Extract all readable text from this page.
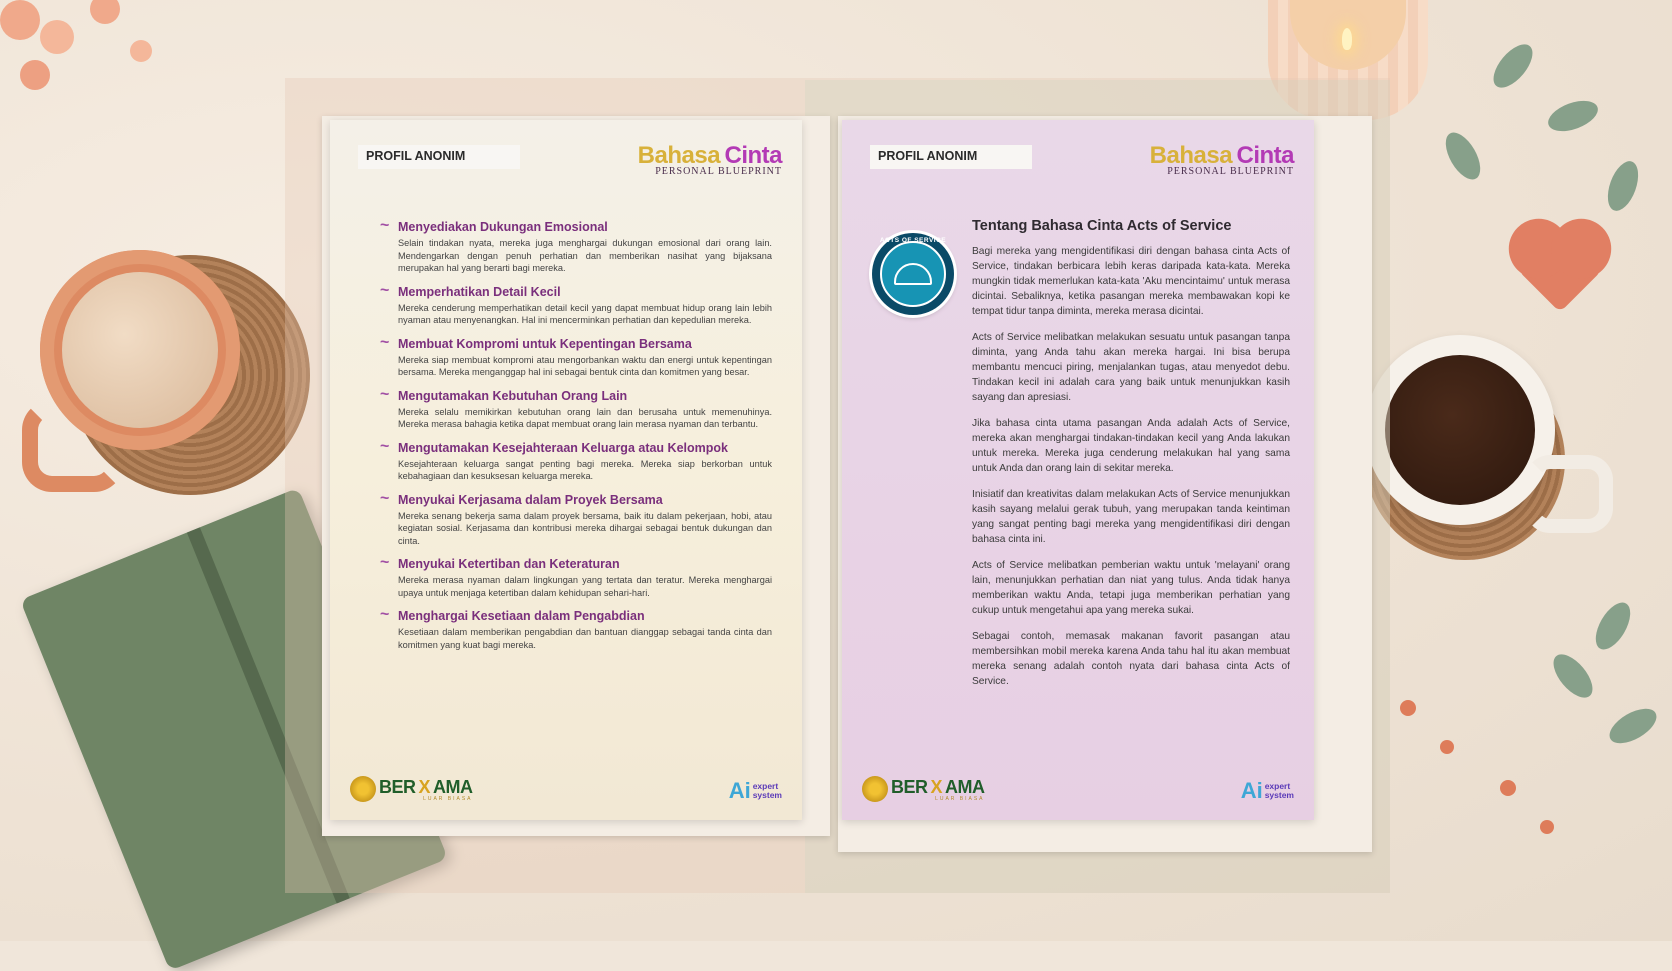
PROFIL ANONIM	Bahasa Cinta
PERSONAL BLUEPRINT
~ Menyediakan Dukungan Emosional
Selain tindakan nyata, mereka juga menghargai dukungan emosional dari orang lain. Mendengarkan dengan penuh perhatian dan memberikan nasihat yang bijaksana merupakan hal yang berarti bagi mereka.
~ Memperhatikan Detail Kecil
Mereka cenderung memperhatikan detail kecil yang dapat membuat hidup orang lain lebih nyaman atau menyenangkan. Hal ini mencerminkan perhatian dan kepedulian mereka.
~ Membuat Kompromi untuk Kepentingan Bersama
Mereka siap membuat kompromi atau mengorbankan waktu dan energi untuk kepentingan bersama. Mereka menganggap hal ini sebagai bentuk cinta dan komitmen yang besar.
~ Mengutamakan Kebutuhan Orang Lain
Mereka selalu memikirkan kebutuhan orang lain dan berusaha untuk memenuhinya. Mereka merasa bahagia ketika dapat membuat orang lain merasa nyaman dan terbantu.
~ Mengutamakan Kesejahteraan Keluarga atau Kelompok
Kesejahteraan keluarga sangat penting bagi mereka. Mereka siap berkorban untuk kebahagiaan dan kesuksesan keluarga mereka.
~ Menyukai Kerjasama dalam Proyek Bersama
Mereka senang bekerja sama dalam proyek bersama, baik itu dalam pekerjaan, hobi, atau kegiatan sosial. Kerjasama dan kontribusi mereka dihargai sebagai bentuk dukungan dan cinta.
~ Menyukai Ketertiban dan Keteraturan
Mereka merasa nyaman dalam lingkungan yang tertata dan teratur. Mereka menghargai upaya untuk menjaga ketertiban dalam kehidupan sehari-hari.
~ Menghargai Kesetiaan dalam Pengabdian
Kesetiaan dalam memberikan pengabdian dan bantuan dianggap sebagai tanda cinta dan komitmen yang kuat bagi mereka.
BER X AMA
LUAR BIASA	Ai expert
system
PROFIL ANONIM	Bahasa Cinta
PERSONAL BLUEPRINT
ACTS OF SERVICE
Tentang Bahasa Cinta Acts of Service

Bagi mereka yang mengidentifikasi diri dengan bahasa cinta Acts of Service, tindakan berbicara lebih keras daripada kata-kata. Mereka mungkin tidak memerlukan kata-kata 'Aku mencintaimu' untuk merasa dicintai. Sebaliknya, ketika pasangan mereka membawakan kopi ke tempat tidur tanpa diminta, mereka merasa dicintai.

Acts of Service melibatkan melakukan sesuatu untuk pasangan tanpa diminta, yang Anda tahu akan mereka hargai. Ini bisa berupa membantu mencuci piring, menjalankan tugas, atau menyedot debu. Tindakan kecil ini adalah cara yang baik untuk menunjukkan kasih sayang dan apresiasi.

Jika bahasa cinta utama pasangan Anda adalah Acts of Service, mereka akan menghargai tindakan-tindakan kecil yang Anda lakukan untuk mereka. Mereka juga cenderung melakukan hal yang sama untuk Anda dan orang lain di sekitar mereka.

Inisiatif dan kreativitas dalam melakukan Acts of Service menunjukkan kasih sayang melalui gerak tubuh, yang merupakan tanda keintiman yang sangat penting bagi mereka yang mengidentifikasi diri dengan bahasa cinta ini.

Acts of Service melibatkan pemberian waktu untuk 'melayani' orang lain, menunjukkan perhatian dan niat yang tulus. Anda tidak hanya memberikan waktu Anda, tetapi juga memberikan perhatian yang cukup untuk mengetahui apa yang mereka sukai.

Sebagai contoh, memasak makanan favorit pasangan atau membersihkan mobil mereka karena Anda tahu hal itu akan membuat mereka senang adalah contoh nyata dari bahasa cinta Acts of Service.

BER X AMA
LUAR BIASA	Ai expert
system
